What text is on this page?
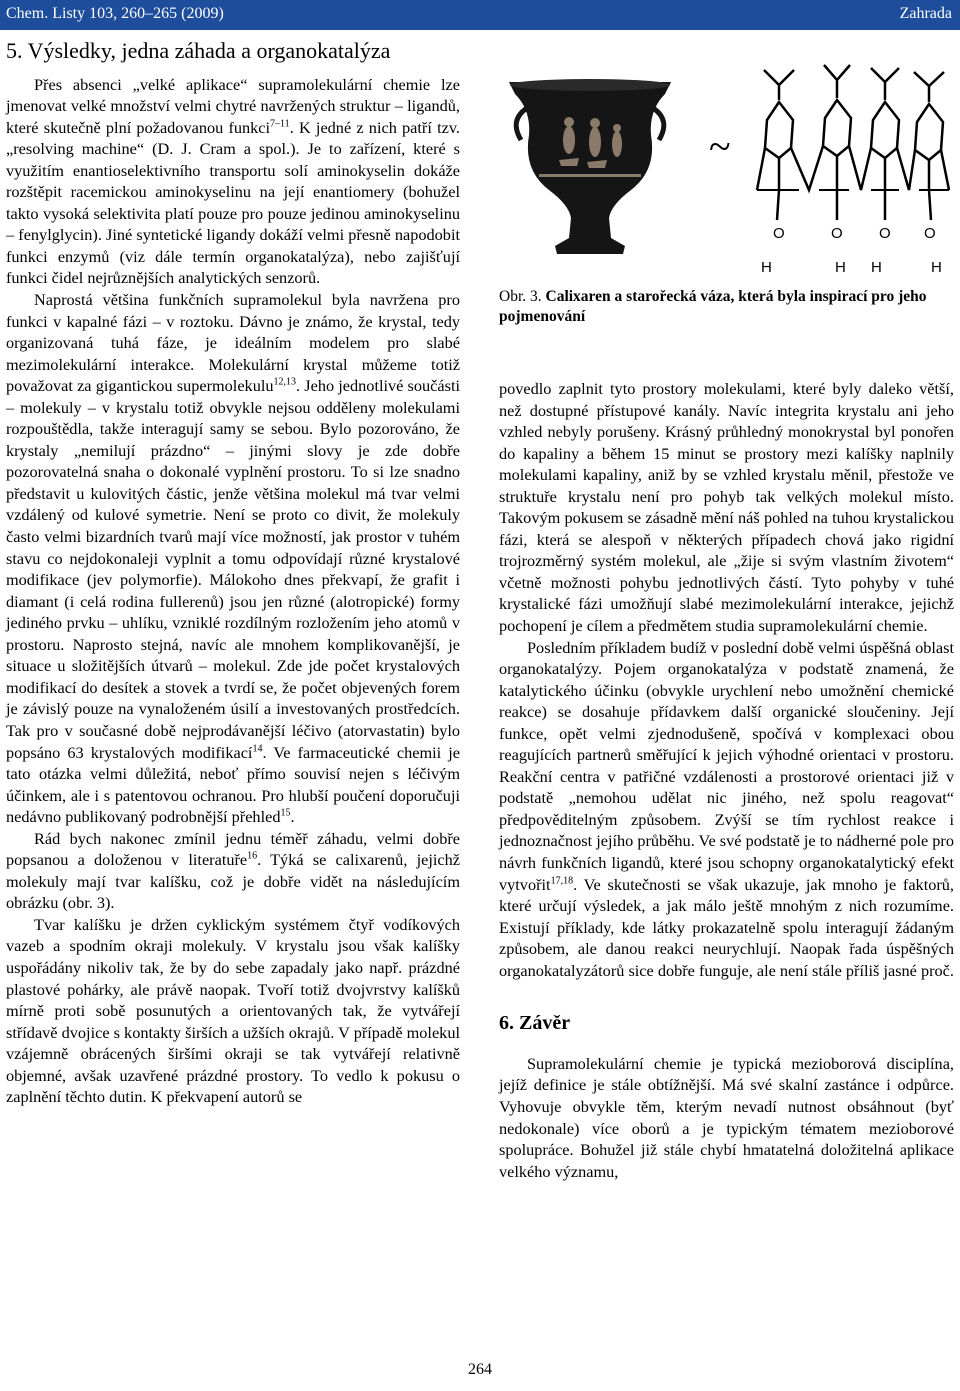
Chem. Listy 103, 260–265 (2009)	Zahrada
5. Výsledky, jedna záhada a organokatalýza

Přes absenci „velké aplikace“ supramolekulární chemie lze jmenovat velké množství velmi chytré navržených struktur – ligandů, které skutečně plní požadovanou funkci$^{7-11}$. K jedné z nich patří tzv. „resolving machine“ (D. J. Cram a spol.). Je to zařízení, které s využitím enantioselektivního transportu solí aminokyselin dokáže rozštěpit racemickou aminokyselinu na její enantiomery (bohužel takto vysoká selektivita platí pouze pro pouze jedinou aminokyselinu – fenylglycin). Jiné syntetické ligandy dokáží velmi přesně napodobit funkci enzymů (viz dále termín organokatalýza), nebo zajišťují funkci čidel nejrůznějších analytických senzorů.

Naprostá většina funkčních supramolekul byla navržena pro funkci v kapalné fázi – v roztoku. Dávno je známo, že krystal, tedy organizovaná tuhá fáze, je ideálním modelem pro slabé mezimolekulární interakce. Molekulární krystal můžeme totiž považovat za gigantickou supermolekulu$^{12,13}$. Jeho jednotlivé součásti – molekuly – v krystalu totiž obvykle nejsou odděleny molekulami rozpouštědla, takže interagují samy se sebou. Bylo pozorováno, že krystaly „nemilují prázdno“ – jinými slovy je zde dobře pozorovatelná snaha o dokonalé vyplnění prostoru. To si lze snadno představit u kulovitých částic, jenže většina molekul má tvar velmi vzdálený od kulové symetrie. Není se proto co divit, že molekuly často velmi bizardních tvarů mají více možností, jak prostor v tuhém stavu co nejdokonaleji vyplnit a tomu odpovídají různé krystalové modifikace (jev polymorfie). Málokoho dnes překvapí, že grafit i diamant (i celá rodina fullerenů) jsou jen různé (alotropické) formy jediného prvku – uhlíku, vzniklé rozdílným rozložením jeho atomů v prostoru. Naprosto stejná, navíc ale mnohem komplikovanější, je situace u složitějších útvarů – molekul. Zde jde počet krystalových modifikací do desítek a stovek a tvrdí se, že počet objevených forem je závislý pouze na vynaloženém úsilí a investovaných prostředcích. Tak pro v současné době nejprodávanější léčivo (atorvastatin) bylo popsáno 63 krystalových modifikací$^{14}$. Ve farmaceutické chemii je tato otázka velmi důležitá, neboť přímo souvisí nejen s léčivým účinkem, ale i s patentovou ochranou. Pro hlubší poučení doporučuji nedávno publikovaný podrobnější přehled$^{15}$.

Rád bych nakonec zmínil jednu téměř záhadu, velmi dobře popsanou a doloženou v literatuře$^{16}$. Týká se calixarenů, jejichž molekuly mají tvar kalíšku, což je dobře vidět na následujícím obrázku (obr. 3).

Tvar kalíšku je držen cyklickým systémem čtyř vodíkových vazeb a spodním okraji molekuly. V krystalu jsou však kalíšky uspořádány nikoliv tak, že by do sebe zapadaly jako např. prázdné plastové pohárky, ale právě naopak. Tvoří totiž dvojvrstvy kalíšků mírně proti sobě posunutých a orientovaných tak, že vytvářejí střídavě dvojice s kontakty širších a užších okrajů. V případě molekul vzájemně obrácených širšími okraji se tak vytvářejí relativně objemné, avšak uzavřené prázdné prostory. To vedlo k pokusu o zaplnění těchto dutin. K překvapení autorů se

~
O	O O O
H	H H	H
Obr. 3. Calixaren a starořecká váza, která byla inspirací pro jeho pojmenování

povedlo zaplnit tyto prostory molekulami, které byly daleko větší, než dostupné přístupové kanály. Navíc integrita krystalu ani jeho vzhled nebyly porušeny. Krásný průhledný monokrystal byl ponořen do kapaliny a během 15 minut se prostory mezi kalíšky naplnily molekulami kapaliny, aniž by se vzhled krystalu měnil, přestože ve struktuře krystalu není pro pohyb tak velkých molekul místo. Takovým pokusem se zásadně mění náš pohled na tuhou krystalickou fázi, která se alespoň v některých případech chová jako rigidní trojrozměrný systém molekul, ale „žije si svým vlastním životem“ včetně možnosti pohybu jednotlivých částí. Tyto pohyby v tuhé krystalické fázi umožňují slabé mezimolekulární interakce, jejichž pochopení je cílem a předmětem studia supramolekulární chemie.

Posledním příkladem budíž v poslední době velmi úspěšná oblast organokatalýzy. Pojem organokatalýza v podstatě znamená, že katalytického účinku (obvykle urychlení nebo umožnění chemické reakce) se dosahuje přídavkem další organické sloučeniny. Její funkce, opět velmi zjednodušeně, spočívá v komplexaci obou reagujících partnerů směřující k jejich výhodné orientaci v prostoru. Reakční centra v patřičné vzdálenosti a prostorové orientaci již v podstatě „nemohou udělat nic jiného, než spolu reagovat“ předpověditelným způsobem. Zvýší se tím rychlost reakce i jednoznačnost jejího průběhu. Ve své podstatě je to nádherné pole pro návrh funkčních ligandů, které jsou schopny organokatalytický efekt vytvořit$^{17,18}$. Ve skutečnosti se však ukazuje, jak mnoho je faktorů, které určují výsledek, a jak málo ještě mnohým z nich rozumíme. Existují příklady, kde látky prokazatelně spolu interagují žádaným způsobem, ale danou reakci neurychlují. Naopak řada úspěšných organokatalyzátorů sice dobře funguje, ale není stále příliš jasné proč.

6. Závěr

Supramolekulární chemie je typická mezioborová disciplína, jejíž definice je stále obtížnější. Má své skalní zastánce i odpůrce. Vyhovuje obvykle těm, kterým nevadí nutnost obsáhnout (byť nedokonale) více oborů a je typickým tématem mezioborové spolupráce. Bohužel již stále chybí hmatatelná doložitelná aplikace velkého významu,

264
